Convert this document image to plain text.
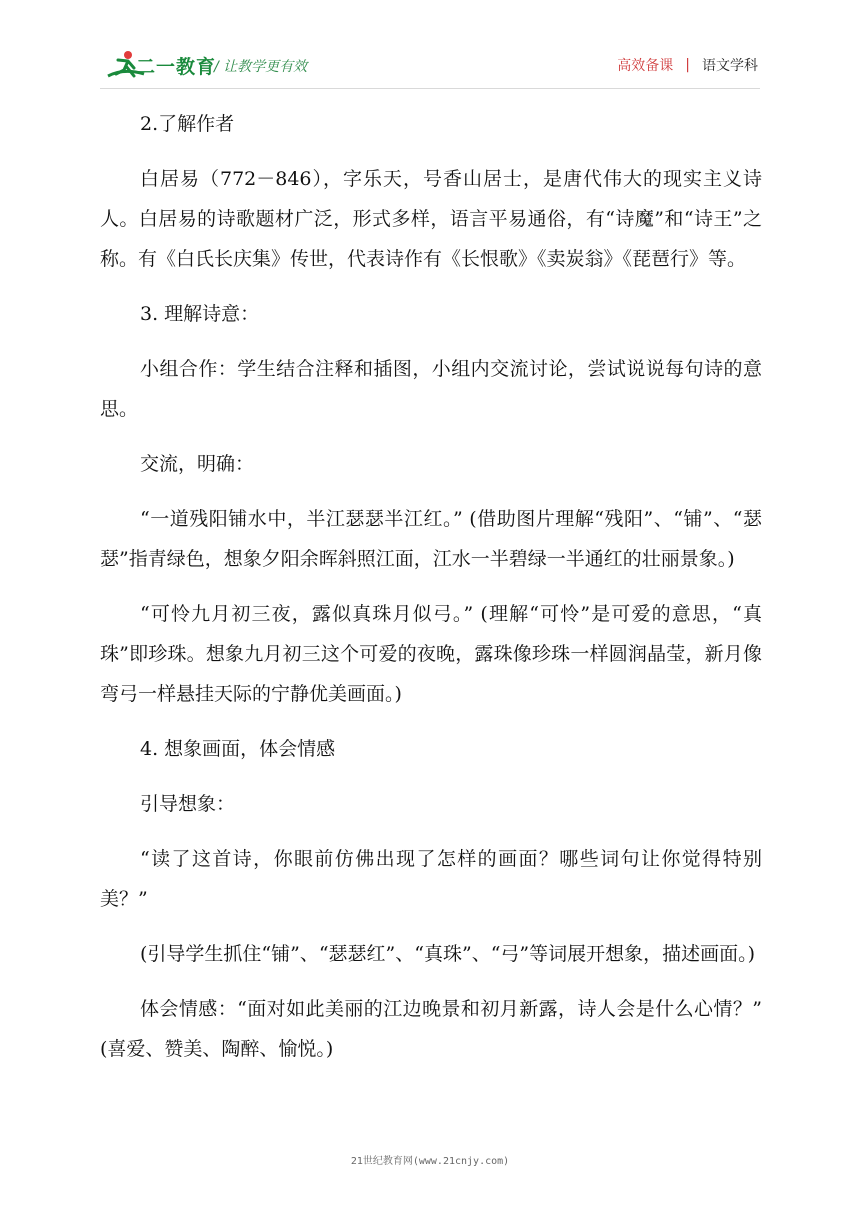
二一教育
/ 让教学更有效	高效备课 | 语文学科

2.了解作者

白居易（772－846），字乐天，号香山居士，是唐代伟大的现实主义诗人。白居易的诗歌题材广泛，形式多样，语言平易通俗，有“诗魔”和“诗王”之称。有《白氏长庆集》传世，代表诗作有《长恨歌》《卖炭翁》《琵琶行》等。

3. 理解诗意：

小组合作：学生结合注释和插图，小组内交流讨论，尝试说说每句诗的意思。

交流，明确：

“一道残阳铺水中，半江瑟瑟半江红。” (借助图片理解“残阳”、“铺”、“瑟瑟”指青绿色，想象夕阳余晖斜照江面，江水一半碧绿一半通红的壮丽景象。)

“可怜九月初三夜，露似真珠月似弓。” (理解“可怜”是可爱的意思，“真珠”即珍珠。想象九月初三这个可爱的夜晚，露珠像珍珠一样圆润晶莹，新月像弯弓一样悬挂天际的宁静优美画面。)

4. 想象画面，体会情感

引导想象：

“读了这首诗，你眼前仿佛出现了怎样的画面？哪些词句让你觉得特别美？”

(引导学生抓住“铺”、“瑟瑟红”、“真珠”、“弓”等词展开想象，描述画面。)

体会情感：“面对如此美丽的江边晚景和初月新露，诗人会是什么心情？” (喜爱、赞美、陶醉、愉悦。)

21世纪教育网(www.21cnjy.com)
